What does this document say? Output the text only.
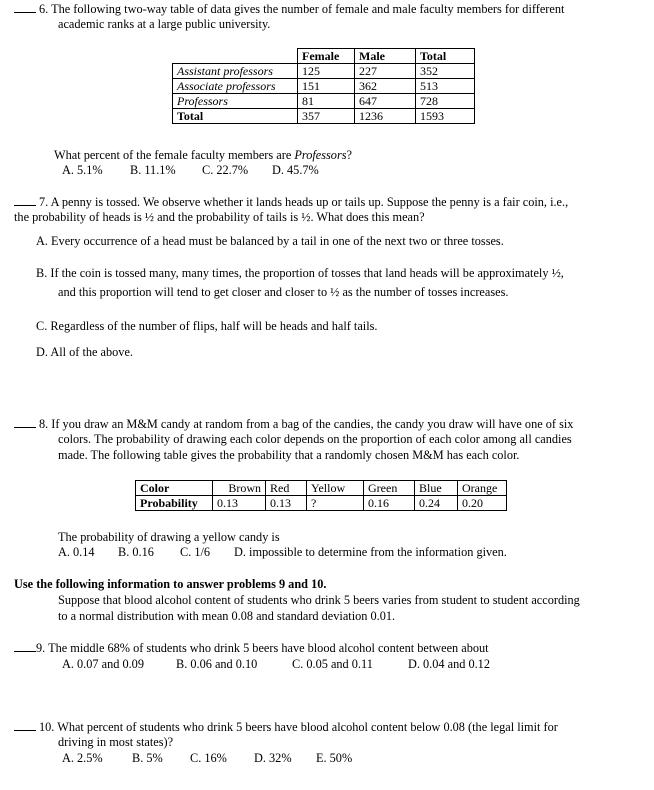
6. The following two-way table of data gives the number of female and male faculty members for different
academic ranks at a large public university.
	Female	Male	Total
Assistant professors	125	227	352
Associate professors	151	362	513
Professors	81	647	728
Total	357	1236	1593
What percent of the female faculty members are Professors?
A. 5.1% B. 11.1% C. 22.7% D. 45.7%
7. A penny is tossed. We observe whether it lands heads up or tails up. Suppose the penny is a fair coin, i.e.,
the probability of heads is ½ and the probability of tails is ½. What does this mean?
A. Every occurrence of a head must be balanced by a tail in one of the next two or three tosses.
B. If the coin is tossed many, many times, the proportion of tosses that land heads will be approximately ½,
and this proportion will tend to get closer and closer to ½ as the number of tosses increases.
C. Regardless of the number of flips, half will be heads and half tails.
D. All of the above.
8. If you draw an M&M candy at random from a bag of the candies, the candy you draw will have one of six
colors. The probability of drawing each color depends on the proportion of each color among all candies
made. The following table gives the probability that a randomly chosen M&M has each color.
Color	Brown	Red	Yellow	Green	Blue	Orange
Probability	0.13	0.13	?	0.16	0.24	0.20
The probability of drawing a yellow candy is
A. 0.14 B. 0.16 C. 1/6 D. impossible to determine from the information given.
Use the following information to answer problems 9 and 10.
Suppose that blood alcohol content of students who drink 5 beers varies from student to student according
to a normal distribution with mean 0.08 and standard deviation 0.01.
9. The middle 68% of students who drink 5 beers have blood alcohol content between about
A. 0.07 and 0.09	B. 0.06 and 0.10	C. 0.05 and 0.11	D. 0.04 and 0.12
10. What percent of students who drink 5 beers have blood alcohol content below 0.08 (the legal limit for
driving in most states)?
A. 2.5% B. 5% C. 16% D. 32% E. 50%
